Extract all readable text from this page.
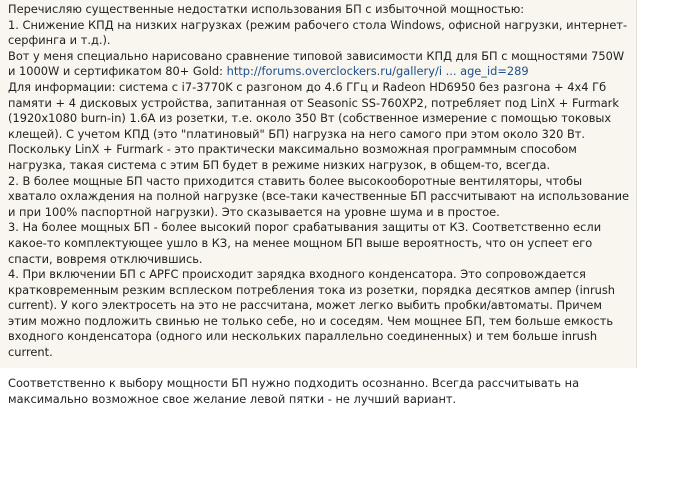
Перечисляю существенные недостатки использования БП с избыточной мощностью:

1. Снижение КПД на низких нагрузках (режим рабочего стола Windows, офисной нагрузки, интернет-серфинга и т.д.).

Вот у меня специально нарисовано сравнение типовой зависимости КПД для БП с мощностями 750W и 1000W и сертификатом 80+ Gold: http://forums.overclockers.ru/gallery/i ... age_id=289

Для информации: система с i7-3770K с разгоном до 4.6 ГГц и Radeon HD6950 без разгона + 4x4 Гб памяти + 4 дисковых устройства, запитанная от Seasonic SS-760XP2, потребляет под LinX + Furmark (1920x1080 burn-in) 1.6А из розетки, т.е. около 350 Вт (собственное измерение с помощью токовых клещей). С учетом КПД (это "платиновый" БП) нагрузка на него самого при этом около 320 Вт. Поскольку LinX + Furmark - это практически максимально возможная программным способом нагрузка, такая система с этим БП будет в режиме низких нагрузок, в общем-то, всегда.

2. В более мощные БП часто приходится ставить более высокооборотные вентиляторы, чтобы хватало охлаждения на полной нагрузке (все-таки качественные БП рассчитывают на использование и при 100% паспортной нагрузки). Это сказывается на уровне шума и в простое.

3. На более мощных БП - более высокий порог срабатывания защиты от КЗ. Соответственно если какое-то комплектующее ушло в КЗ, на менее мощном БП выше вероятность, что он успеет его спасти, вовремя отключившись.

4. При включении БП с APFC происходит зарядка входного конденсатора. Это сопровождается кратковременным резким всплеском потребления тока из розетки, порядка десятков ампер (inrush current). У кого электросеть на это не рассчитана, может легко выбить пробки/автоматы. Причем этим можно подложить свинью не только себе, но и соседям. Чем мощнее БП, тем больше емкость входного конденсатора (одного или нескольких параллельно соединенных) и тем больше inrush current.

Соответственно к выбору мощности БП нужно подходить осознанно. Всегда рассчитывать на максимально возможное свое желание левой пятки - не лучший вариант.
